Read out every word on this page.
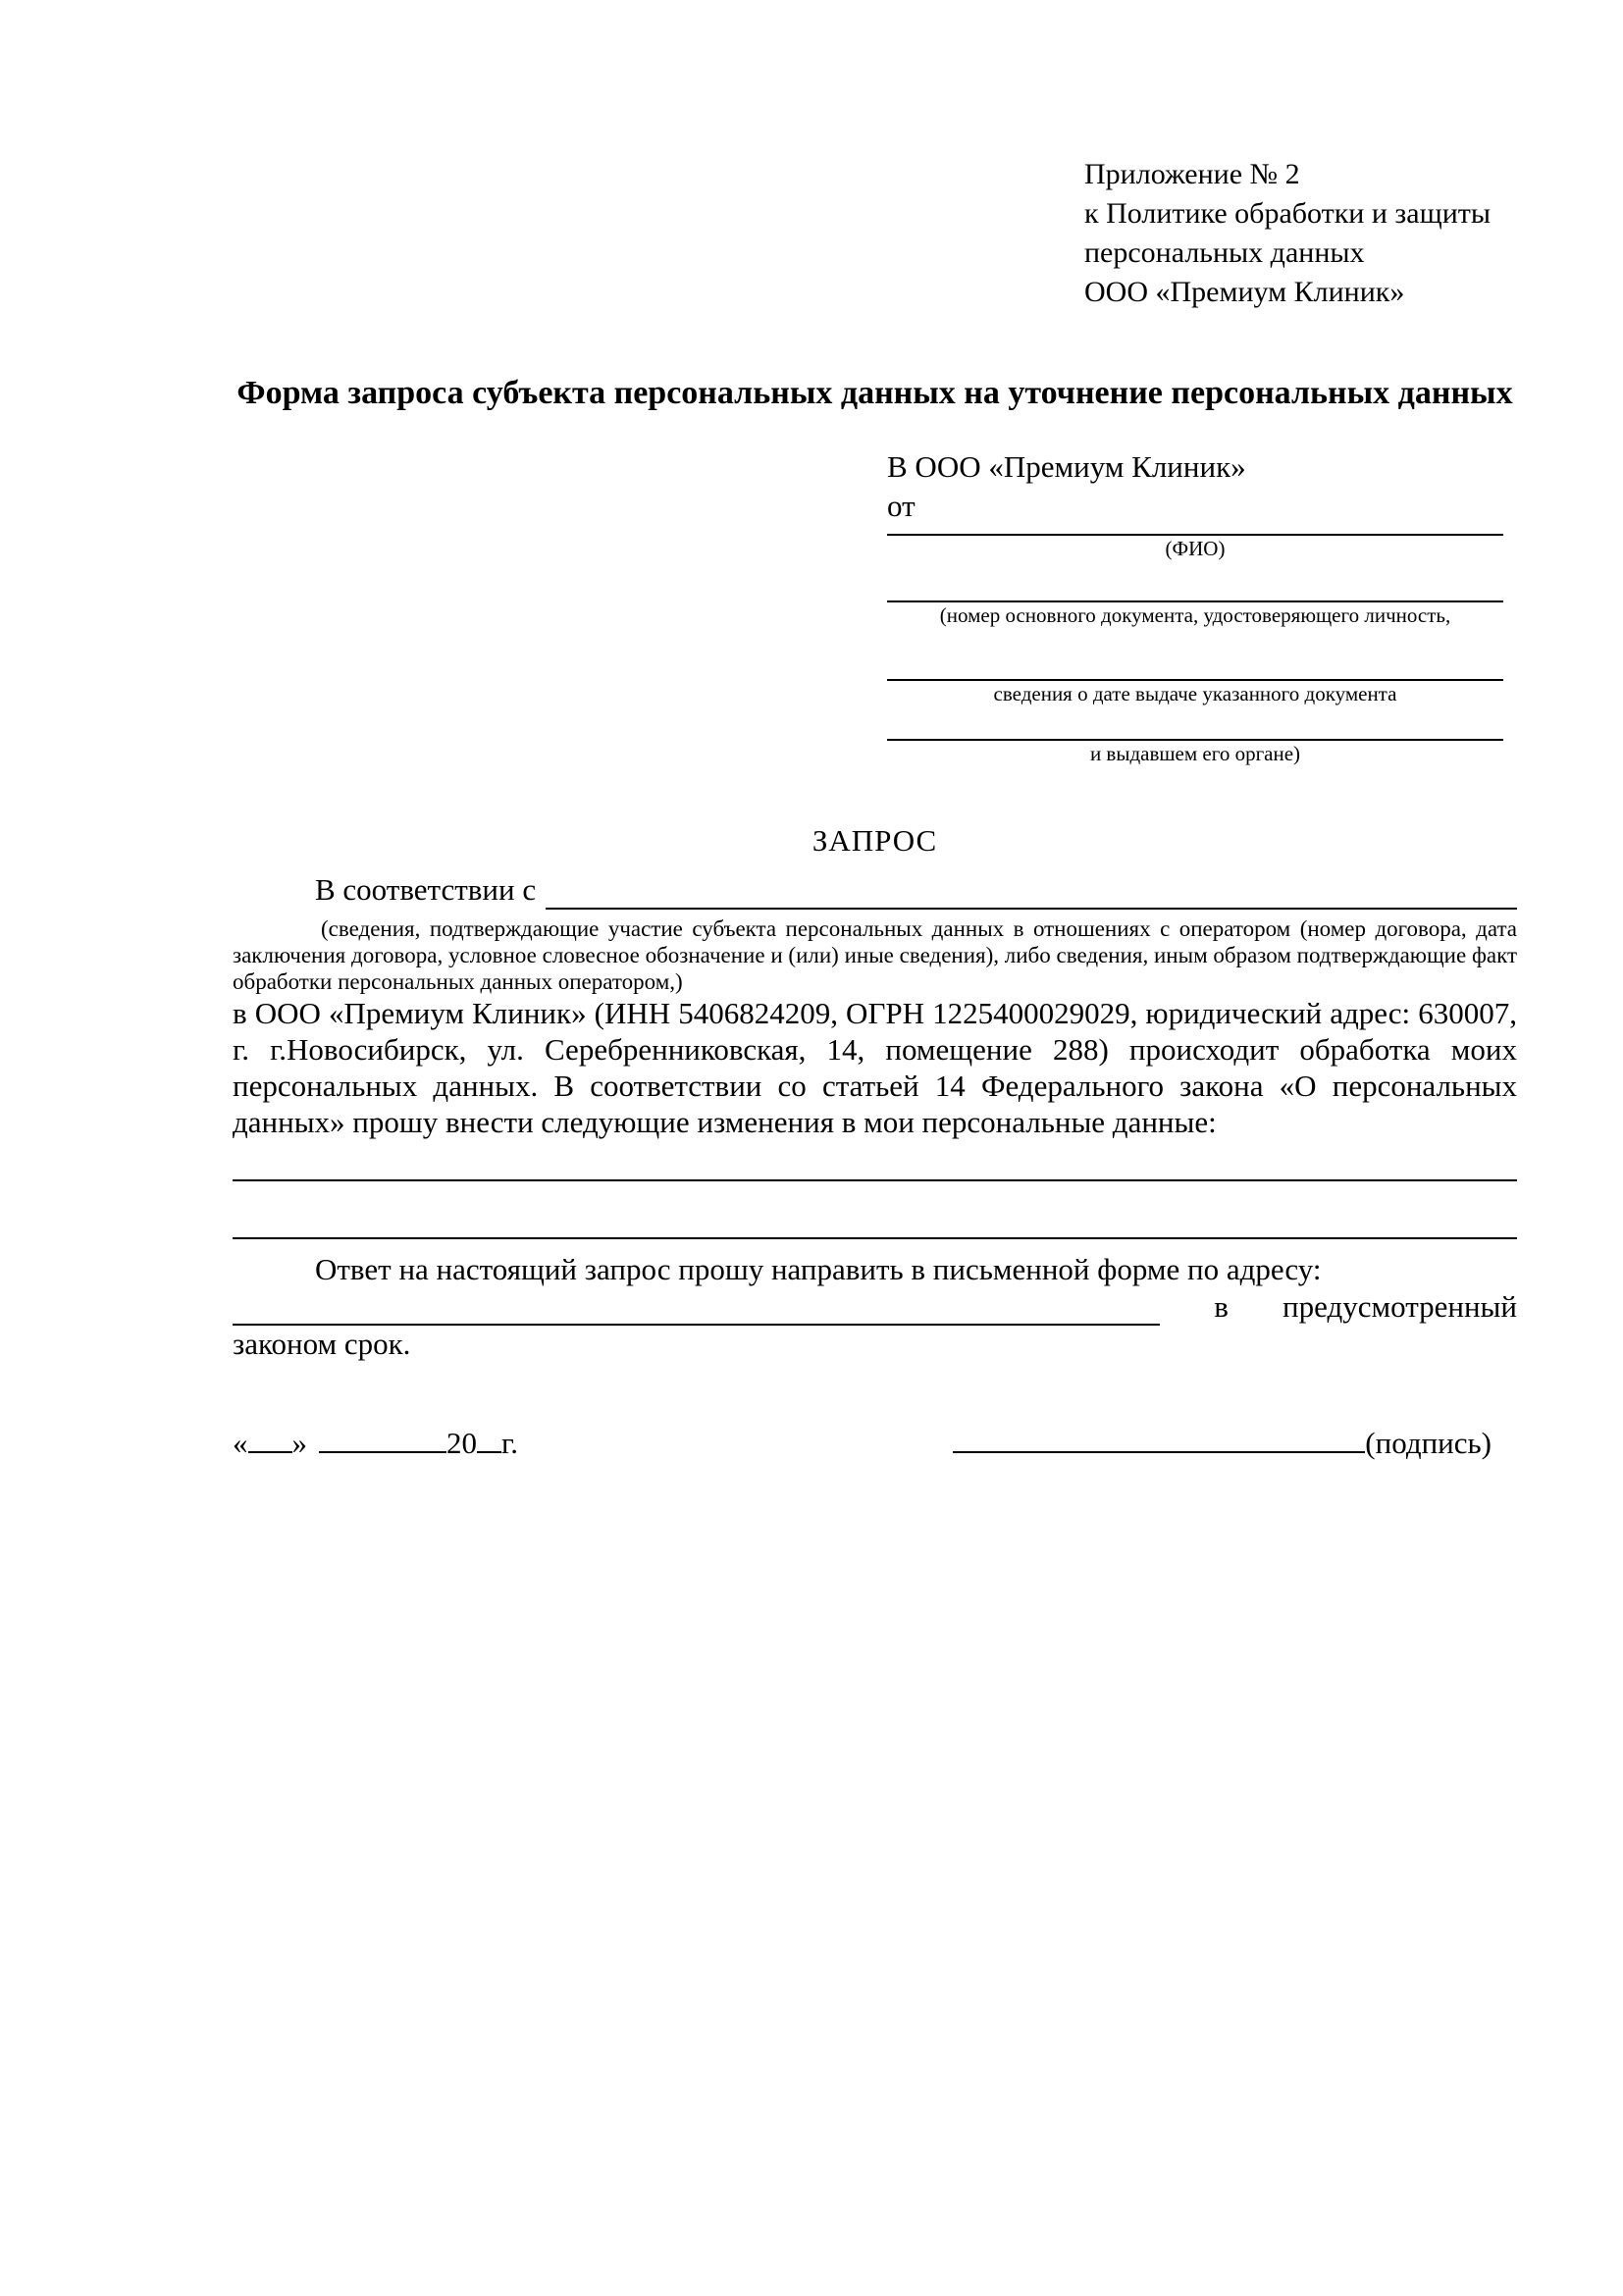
Приложение № 2
к Политике обработки и защиты
персональных данных
ООО «Премиум Клиник»
Форма запроса субъекта персональных данных на уточнение персональных данных
В ООО «Премиум Клиник»
от
(ФИО)
(номер основного документа, удостоверяющего личность,
сведения о дате выдаче указанного документа
и выдавшем его органе)
ЗАПРОС
В соответствии с
(сведения, подтверждающие участие субъекта персональных данных в отношениях с оператором (номер договора, дата заключения договора, условное словесное обозначение и (или) иные сведения), либо сведения, иным образом подтверждающие факт обработки персональных данных оператором,)

в ООО «Премиум Клиник» (ИНН 5406824209, ОГРН 1225400029029, юридический адрес: 630007, г. г.Новосибирск, ул. Серебренниковская, 14, помещение 288) происходит обработка моих персональных данных. В соответствии со статьей 14 Федерального закона «О персональных данных» прошу внести следующие изменения в мои персональные данные:

Ответ на настоящий запрос прошу направить в письменной форме по адресу:
в предусмотренный
законом срок.
« »	20 г.	(подпись)
